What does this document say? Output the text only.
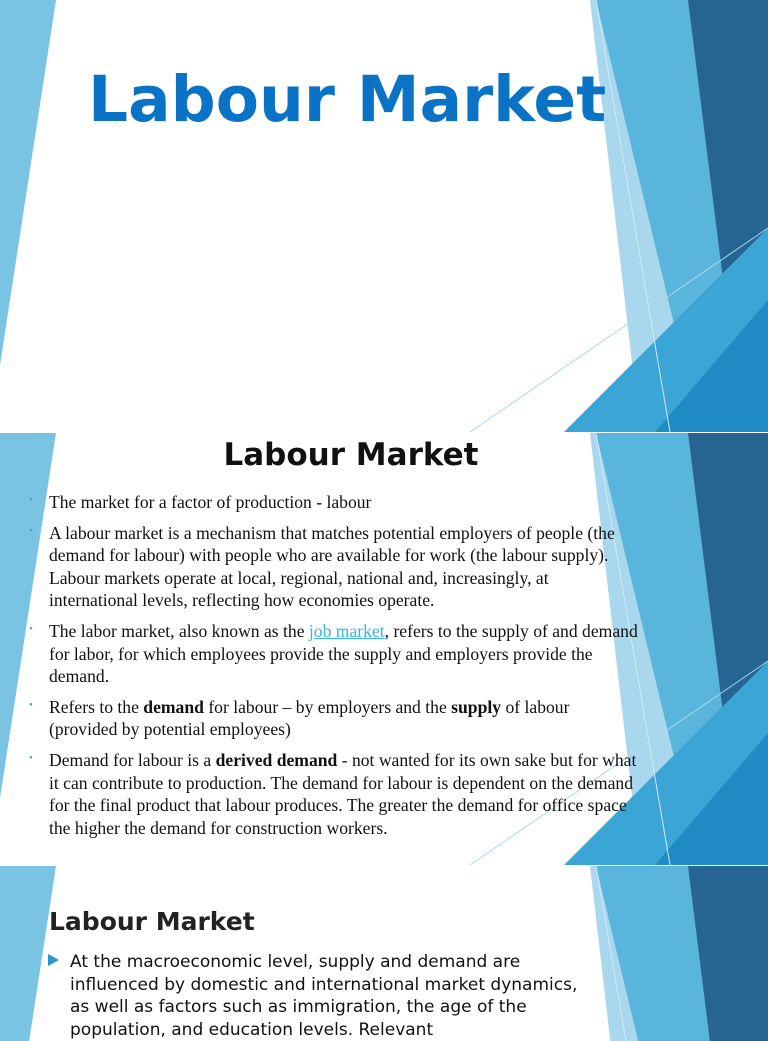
Labour Market
Labour Market
• The market for a factor of production - labour
• A labour market is a mechanism that matches potential employers of people (the demand for labour) with people who are available for work (the labour supply). Labour markets operate at local, regional, national and, increasingly, at international levels, reflecting how economies operate.
• The labor market, also known as the job market, refers to the supply of and demand for labor, for which employees provide the supply and employers provide the demand.
• Refers to the demand for labour – by employers and the supply of labour (provided by potential employees)
• Demand for labour is a derived demand - not wanted for its own sake but for what it can contribute to production. The demand for labour is dependent on the demand for the final product that labour produces. The greater the demand for office space the higher the demand for construction workers.
Labour Market
At the macroeconomic level, supply and demand are influenced by domestic and international market dynamics, as well as factors such as immigration, the age of the population, and education levels. Relevant
